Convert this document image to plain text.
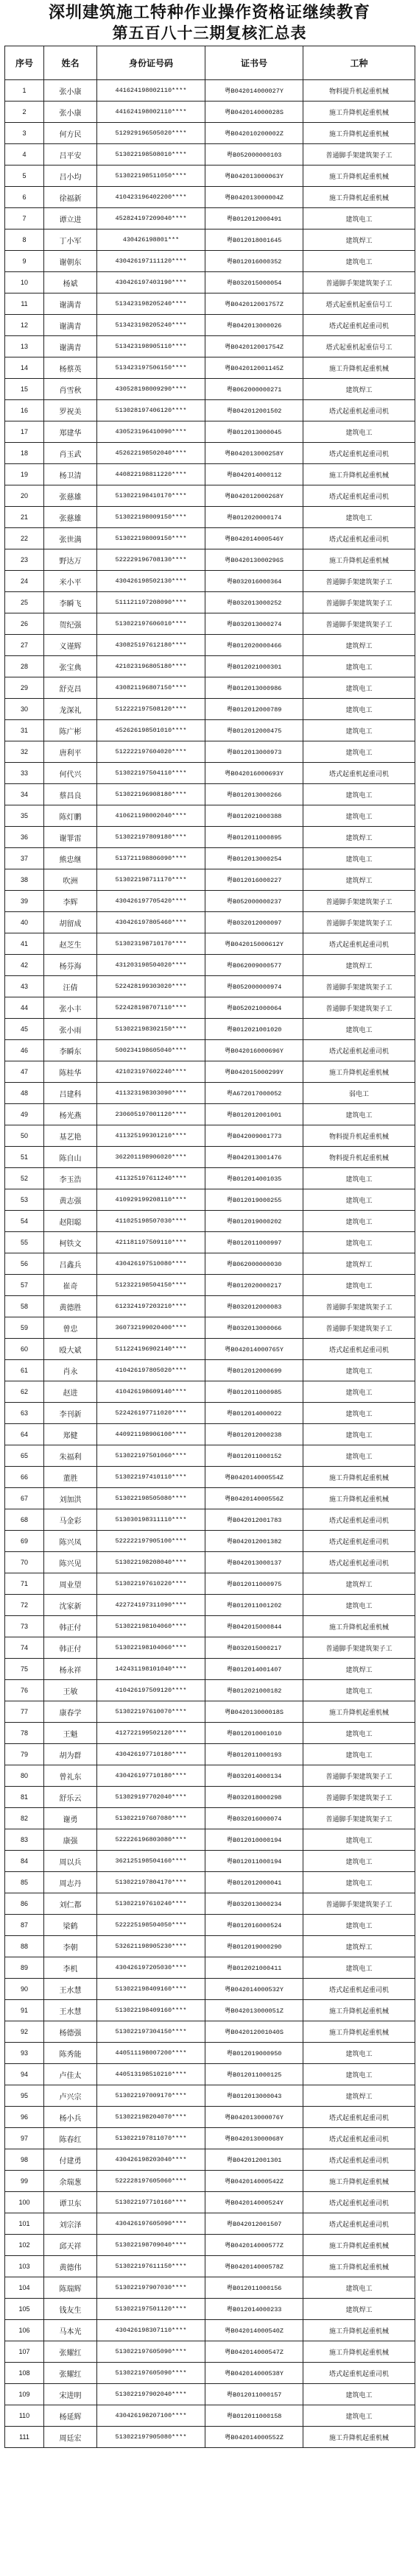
深圳建筑施工特种作业操作资格证继续教育
第五百八十三期复核汇总表
序号	姓名	身份证号码	证书号	工种
1	张小康	441624198002110****	粤B042014000027Y	物料提升机起重机械
2	张小康	441624198002110****	粤B042014000028S	施工升降机起重机械
3	何方民	512929196505020****	粤B042010200002Z	施工升降机起重机械
4	吕平安	513022198508010****	粤B052000000103	普通脚手架建筑架子工
5	吕小均	513022198511050****	粤B042013000063Y	施工升降机起重机械
6	徐福新	410423196402200****	粤B042013000004Z	施工升降机起重机械
7	谭立进	452824197209040****	粤B012012000491	建筑电工
8	丁小军	430426198801***	粤B012018001645	建筑焊工
9	谢朝东	430426197111120****	粤B012016000352	建筑电工
10	杨斌	430426197403190****	粤B032015000054	普通脚手架建筑架子工
11	谢满青	513423198205240****	粤B042012001757Z	塔式起重机起重信号工
12	谢满青	513423198205240****	粤B042013000026	塔式起重机起重司机
13	谢满青	513423198905110****	粤B042012001754Z	塔式起重机起重信号工
14	杨蔡英	513423197506150****	粤B042012001145Z	施工升降机起重机械
15	肖雪秋	430528198009290****	粤B062000000271	建筑焊工
16	罗祝美	513028197406120****	粤B042012001502	塔式起重机起重司机
17	郑建华	430523196410090****	粤B012013000045	建筑电工
18	肖玉武	452622198502040****	粤B042013000258Y	塔式起重机起重司机
19	杨卫清	440822198811220****	粤B042014000112	施工升降机起重机械
20	张慈雄	513022198410170****	粤B042012000268Y	塔式起重机起重司机
21	张慈雄	513022198009150****	粤B012020000174	建筑电工
22	张世满	513022198009150****	粤B042014000546Y	塔式起重机起重司机
23	野达万	522229196708130****	粤B042013000296S	施工升降机起重机械
24	米小平	430426198502130****	粤B032016000364	普通脚手架建筑架子工
25	李瞬飞	511121197208090****	粤B032013000252	普通脚手架建筑架子工
26	贺纪强	513022197606010****	粤B032013000274	普通脚手架建筑架子工
27	义谨辉	430825197612180****	粤B012020000466	建筑焊工
28	张宝典	421023196805180****	粤B012021000301	建筑电工
29	舒克昌	430821196807150****	粤B012013000986	建筑电工
30	龙深礼	512222197508120****	粤B012012000789	建筑电工
31	陈广彬	452626198501010****	粤B012012000475	建筑电工
32	唐利平	512222197604020****	粤B012013000973	建筑电工
33	何代兴	513022197504110****	粤B042016000693Y	塔式起重机起重司机
34	蔡昌良	513022196908180****	粤B012013000266	建筑电工
35	陈灯鹏	410621198002040****	粤B012021000388	建筑电工
36	谢罪雷	513022197809180****	粤B012011000895	建筑焊工
37	熊忠继	513721198806090****	粤B012013000254	建筑电工
38	吹洲	513022198711170****	粤B012016000227	建筑焊工
39	李辉	430426197705420****	粤B052000000237	普通脚手架建筑架子工
40	胡留成	430426197805460****	粤B032012000097	普通脚手架建筑架子工
41	赵芝生	513023198710170****	粤B042015000612Y	塔式起重机起重司机
42	杨芬海	431203198504020****	粤B062009000577	建筑焊工
43	汪倩	522428199303020****	粤B052000000974	普通脚手架建筑架子工
44	张小丰	522428198707110****	粤B052021000064	普通脚手架建筑架子工
45	张小雨	513022198302150****	粤B012021001020	建筑电工
46	李瞬东	500234198605040****	粤B042016000696Y	塔式起重机起重司机
47	陈桂华	421023197602240****	粤B042015000299Y	施工升降机起重机械
48	吕建科	411323198303090****	粤A672017000052	弱电工
49	杨光燕	230605197001120****	粤B012012001001	建筑电工
50	基艺艳	411325199301210****	粤B042009001773	物料提升机起重机械
51	陈自山	362201198906020****	粤B042013001476	物料提升机起重机械
52	李玉浩	411325197611240****	粤B012014001035	建筑电工
53	黄志强	410929199208110****	粤B012019000255	建筑电工
54	赵阳聪	411025198507030****	粤B012019000202	建筑电工
55	柯铁文	421181197509110****	粤B012011000997	建筑电工
56	吕鑫兵	430426197510080****	粤B062000000030	建筑焊工
57	崔奇	512322198504150****	粤B012020000217	建筑电工
58	黄德胜	612324197203210****	粤B032012000083	普通脚手架建筑架子工
59	曾忠	360732199020400****	粤B032013000066	普通脚手架建筑架子工
60	殴大斌	511224196902140****	粤B042014000765Y	塔式起重机起重司机
61	肖永	410426197805020****	粤B012012000699	建筑电工
62	赵进	410426198609140****	粤B012011000985	建筑电工
63	李刊新	522426197711020****	粤B012014000022	建筑电工
64	郑健	440921198906100****	粤B012012000238	建筑电工
65	朱福利	513022197501060****	粤B012011000152	建筑电工
66	董胜	513022197410110****	粤B042014000554Z	施工升降机起重机械
67	刘加洪	513022198505080****	粤B042014000556Z	施工升降机起重机械
68	马金彩	513030198311110****	粤B042012001783	塔式起重机起重司机
69	陈兴凤	522222197905100****	粤B042012001382	塔式起重机起重司机
70	陈兴见	513022198208040****	粤B042013000137	塔式起重机起重司机
71	周业望	513022197610220****	粤B012011000975	建筑焊工
72	沈家新	422724197311090****	粤B012011001202	建筑电工
73	韩正付	513022198104060****	粤B042015000844	施工升降机起重机械
74	韩正付	513022198104060****	粤B032015000217	普通脚手架建筑架子工
75	杨永祥	142431198101040****	粤B012014001407	建筑焊工
76	王敏	410426197509120****	粤B012021000182	建筑电工
77	康春学	513022197610070****	粤B042013000018S	施工升降机起重机械
78	王魁	412722199502120****	粤B012010001010	建筑电工
79	胡为群	430426197710180****	粤B012011000193	建筑电工
80	曾礼东	430426197710180****	粤B032014000134	普通脚手架建筑架子工
81	舒乐云	513029197702040****	粤B032018000298	普通脚手架建筑架子工
82	谢勇	513022197607080****	粤B032016000074	普通脚手架建筑架子工
83	康强	522226196803080****	粤B012010000194	建筑电工
84	周以兵	362125198504160****	粤B012011000194	建筑电工
85	周志丹	513022197804170****	粤B012012000041	建筑电工
86	刘仁都	513022197610240****	粤B032013000234	普通脚手架建筑架子工
87	梁鹤	522225198504050****	粤B012016000524	建筑电工
88	李朝	532621198905230****	粤B012019000290	建筑焊工
89	李机	430426197205030****	粤B012021000411	建筑电工
90	王水慧	513022198409160****	粤B042014000532Y	塔式起重机起重司机
91	王水慧	513022198409160****	粤B042013000051Z	施工升降机起重机械
92	杨德强	513022197304150****	粤B042012001040S	施工升降机起重机械
93	陈秀能	440511198007200****	粤B012019000950	建筑电工
94	卢佳太	440513198510210****	粤B012011000125	建筑电工
95	卢兴宗	513022197009170****	粤B012013000043	建筑焊工
96	杨小兵	513022198204070****	粤B042013000076Y	塔式起重机起重司机
97	陈春红	513022197811070****	粤B042013000068Y	塔式起重机起重司机
98	付建勇	430426198203040****	粤B042012001301	塔式起重机起重司机
99	余瑞葱	522228197605060****	粤B042014000542Z	施工升降机起重机械
100	谭卫东	513022197710160****	粤B042014000524Y	塔式起重机起重司机
101	刘宗泽	430426197605090****	粤B042012001507	塔式起重机起重司机
102	邱天祥	513022198709040****	粤B042014000577Z	施工升降机起重机械
103	黄德伟	513022197611150****	粤B042014000578Z	施工升降机起重机械
104	陈瑞辉	513022197907030****	粤B012011000156	建筑电工
105	钱友生	513022197501120****	粤B012014000233	建筑焊工
106	马本光	430426198307110****	粤B042014000540Z	施工升降机起重机械
107	张耀红	513022197605090****	粤B042014000547Z	施工升降机起重机械
108	张耀红	513022197605090****	粤B042014000538Y	塔式起重机起重司机
109	宋进明	513022197902040****	粤B012011000157	建筑电工
110	杨延辉	430426198207100****	粤B012011000158	建筑电工
111	周廷宏	513022197905080****	粤B042014000552Z	施工升降机起重机械
